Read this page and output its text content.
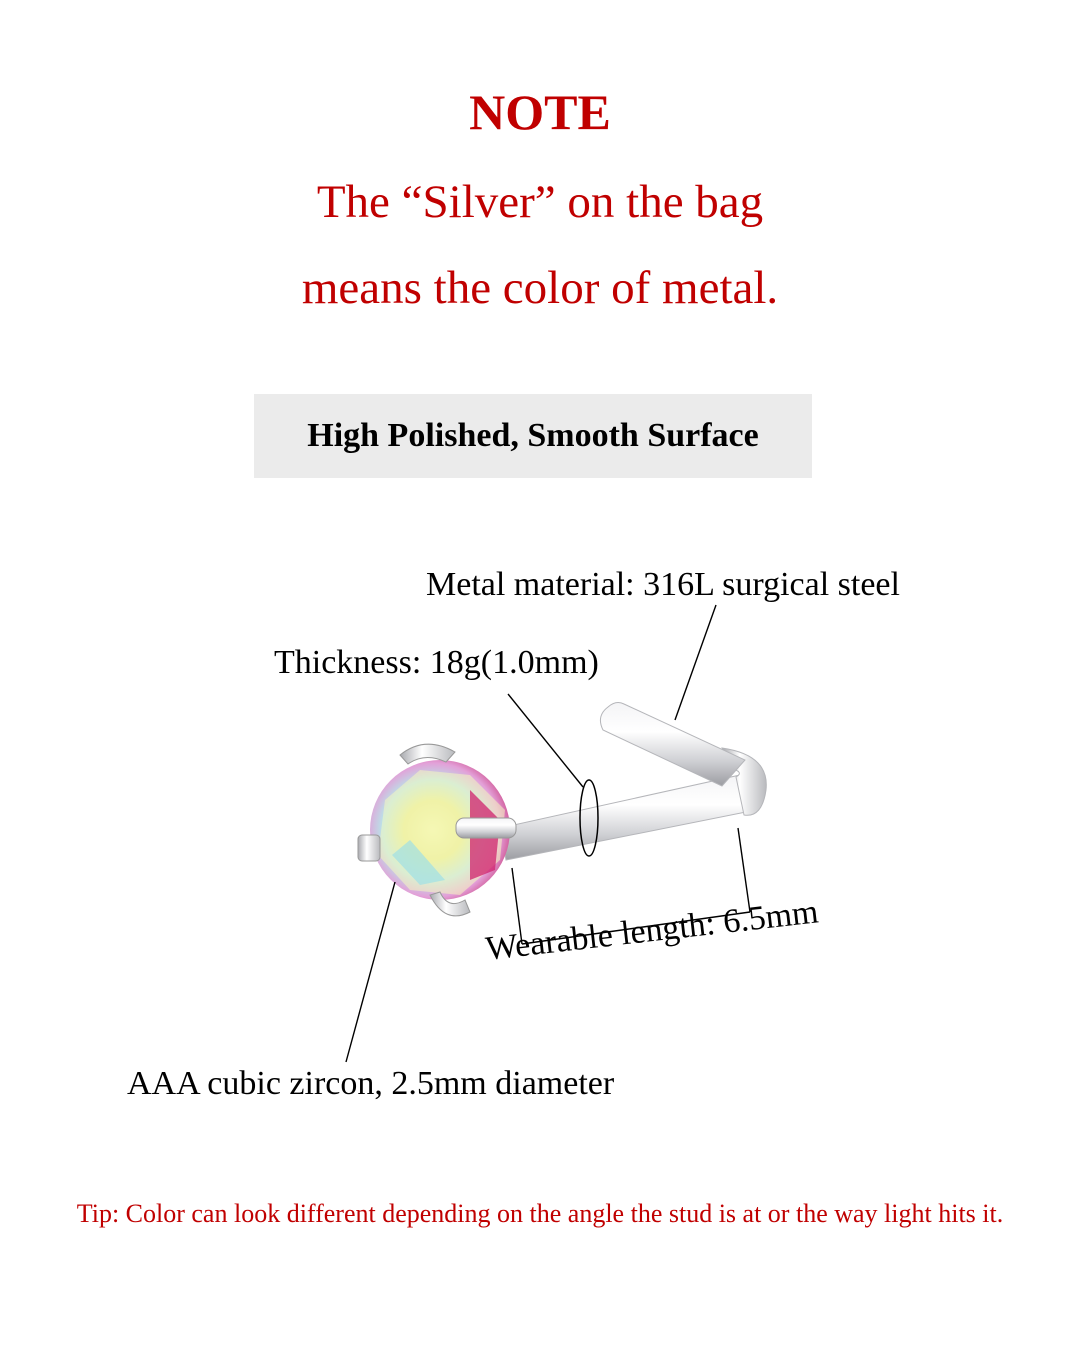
NOTE
The “Silver” on the bag
means the color of metal.
High Polished, Smooth Surface
Metal material: 316L surgical steel
Thickness: 18g(1.0mm)
Wearable length: 6.5mm
AAA cubic zircon, 2.5mm diameter
Tip: Color can look different depending on the angle the stud is at or the way light hits it.
